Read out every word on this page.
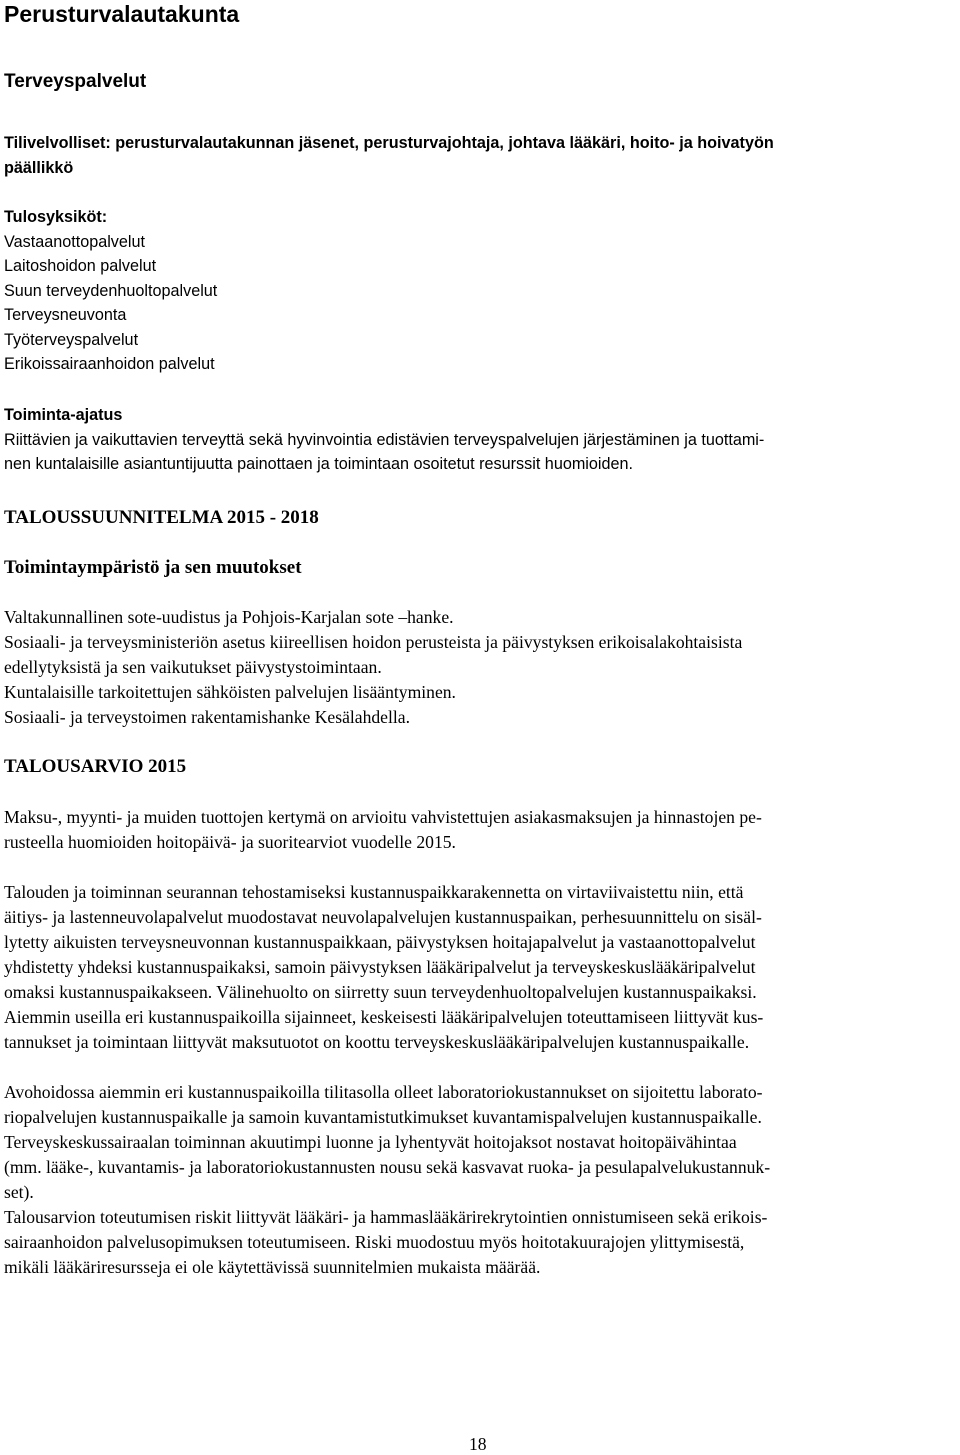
Perusturvalautakunta
Terveyspalvelut
Tilivelvolliset: perusturvalautakunnan jäsenet, perusturvajohtaja, johtava lääkäri, hoito- ja hoivatyön
päällikkö
Tulosyksiköt:
Vastaanottopalvelut
Laitoshoidon palvelut
Suun terveydenhuoltopalvelut
Terveysneuvonta
Työterveyspalvelut
Erikoissairaanhoidon palvelut
Toiminta-ajatus
Riittävien ja vaikuttavien terveyttä sekä hyvinvointia edistävien terveyspalvelujen järjestäminen ja tuottami-
nen kuntalaisille asiantuntijuutta painottaen ja toimintaan osoitetut resurssit huomioiden.
TALOUSSUUNNITELMA 2015 - 2018
Toimintaympäristö ja sen muutokset
Valtakunnallinen sote-uudistus ja Pohjois-Karjalan sote –hanke.
Sosiaali- ja terveysministeriön asetus kiireellisen hoidon perusteista ja päivystyksen erikoisalakohtaisista
edellytyksistä ja sen vaikutukset päivystystoimintaan.
Kuntalaisille tarkoitettujen sähköisten palvelujen lisääntyminen.
Sosiaali- ja terveystoimen rakentamishanke Kesälahdella.
TALOUSARVIO 2015
Maksu-, myynti- ja muiden tuottojen kertymä on arvioitu vahvistettujen asiakasmaksujen ja hinnastojen pe-
rusteella huomioiden hoitopäivä- ja suoritearviot vuodelle 2015.
Talouden ja toiminnan seurannan tehostamiseksi kustannuspaikkarakennetta on virtaviivaistettu niin, että
äitiys- ja lastenneuvolapalvelut muodostavat neuvolapalvelujen kustannuspaikan, perhesuunnittelu on sisäl-
lytetty aikuisten terveysneuvonnan kustannuspaikkaan, päivystyksen hoitajapalvelut ja vastaanottopalvelut
yhdistetty yhdeksi kustannuspaikaksi, samoin päivystyksen lääkäripalvelut ja terveyskeskuslääkäripalvelut
omaksi kustannuspaikakseen. Välinehuolto on siirretty suun terveydenhuoltopalvelujen kustannuspaikaksi.
Aiemmin useilla eri kustannuspaikoilla sijainneet, keskeisesti lääkäripalvelujen toteuttamiseen liittyvät kus-
tannukset ja toimintaan liittyvät maksutuotot on koottu terveyskeskuslääkäripalvelujen kustannuspaikalle.
Avohoidossa aiemmin eri kustannuspaikoilla tilitasolla olleet laboratoriokustannukset on sijoitettu laborato-
riopalvelujen kustannuspaikalle ja samoin kuvantamistutkimukset kuvantamispalvelujen kustannuspaikalle.
Terveyskeskussairaalan toiminnan akuutimpi luonne ja lyhentyvät hoitojaksot nostavat hoitopäivähintaa
(mm. lääke-, kuvantamis- ja laboratoriokustannusten nousu sekä kasvavat ruoka- ja pesulapalvelukustannuk-
set).
Talousarvion toteutumisen riskit liittyvät lääkäri- ja hammaslääkärirekrytointien onnistumiseen sekä erikois-
sairaanhoidon palvelusopimuksen toteutumiseen. Riski muodostuu myös hoitotakuurajojen ylittymisestä,
mikäli lääkäriresursseja ei ole käytettävissä suunnitelmien mukaista määrää.
18
